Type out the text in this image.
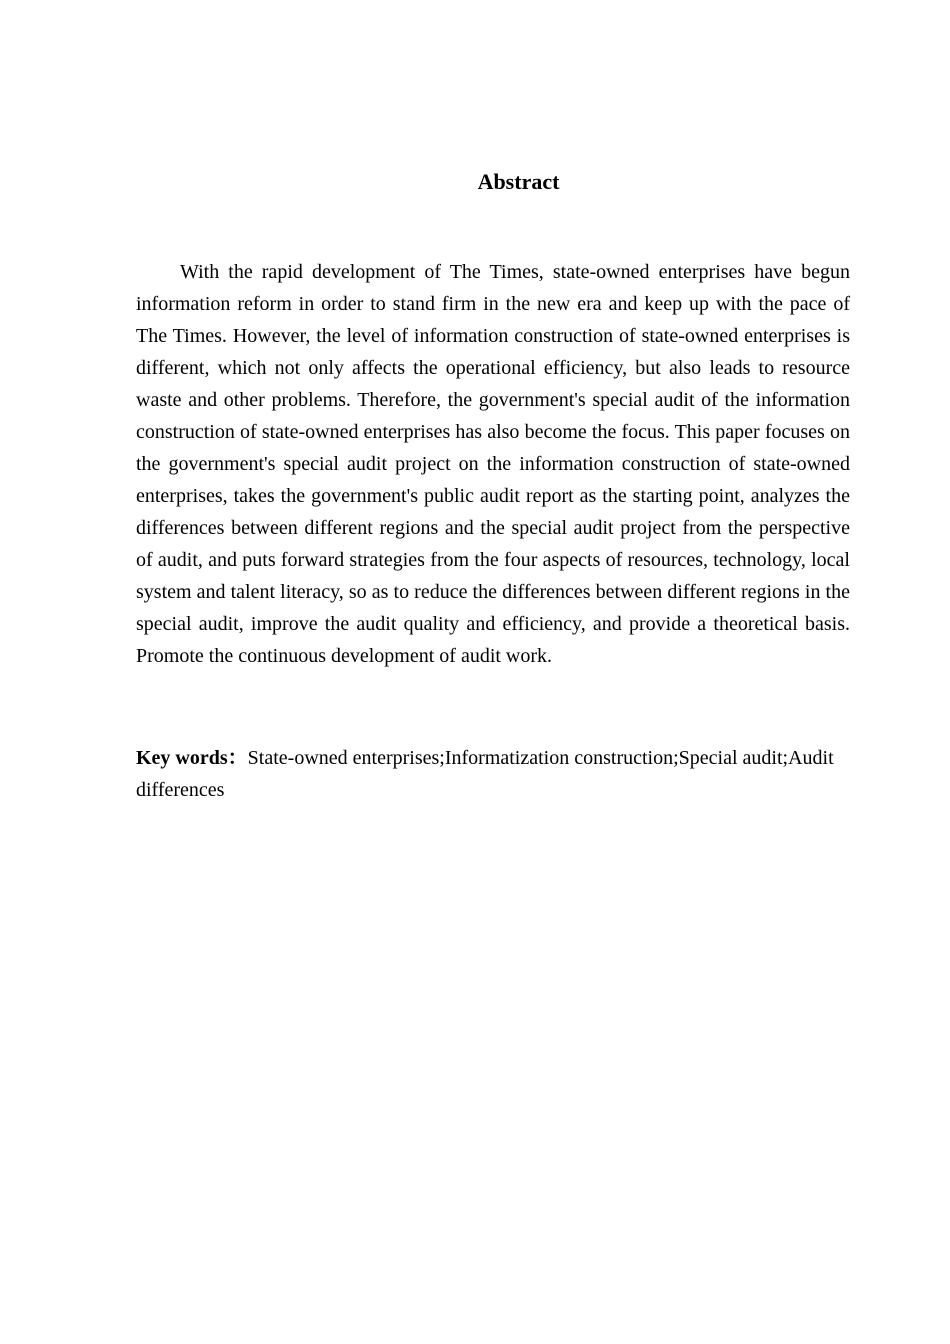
Abstract

With the rapid development of The Times, state-owned enterprises have begun information reform in order to stand firm in the new era and keep up with the pace of The Times. However, the level of information construction of state-owned enterprises is different, which not only affects the operational efficiency, but also leads to resource waste and other problems. Therefore, the government's special audit of the information construction of state-owned enterprises has also become the focus. This paper focuses on the government's special audit project on the information construction of state-owned enterprises, takes the government's public audit report as the starting point, analyzes the differences between different regions and the special audit project from the perspective of audit, and puts forward strategies from the four aspects of resources, technology, local system and talent literacy, so as to reduce the differences between different regions in the special audit, improve the audit quality and efficiency, and provide a theoretical basis. Promote the continuous development of audit work.

Key words：State-owned enterprises;Informatization construction;Special audit;Audit differences
